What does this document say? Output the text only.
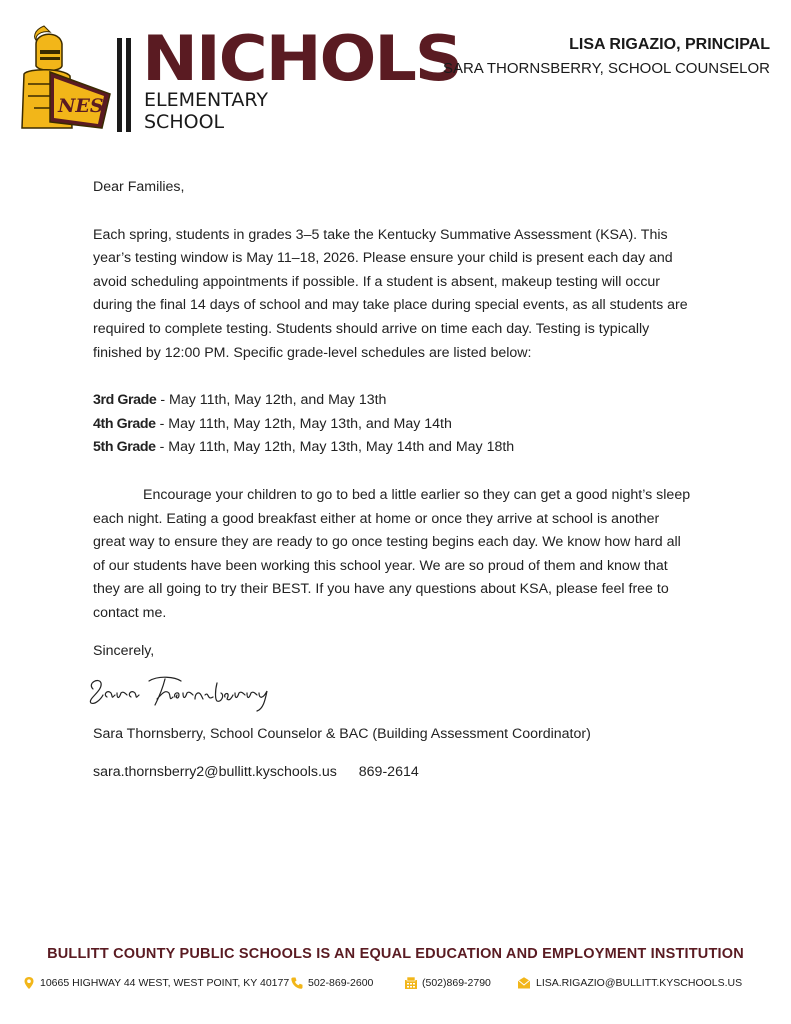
NES
NICHOLS
ELEMENTARY
SCHOOL
LISA RIGAZIO, PRINCIPAL
SARA THORNSBERRY, SCHOOL COUNSELOR

Dear Families,

Each spring, students in grades 3–5 take the Kentucky Summative Assessment (KSA). This year’s testing window is May 11–18, 2026. Please ensure your child is present each day and avoid scheduling appointments if possible. If a student is absent, makeup testing will occur during the final 14 days of school and may take place during special events, as all students are required to complete testing. Students should arrive on time each day. Testing is typically finished by 12:00 PM. Specific grade-level schedules are listed below:

3rd Grade - May 11th, May 12th, and May 13th
4th Grade - May 11th, May 12th, May 13th, and May 14th
5th Grade - May 11th, May 12th, May 13th, May 14th and May 18th

Encourage your children to go to bed a little earlier so they can get a good night’s sleep each night. Eating a good breakfast either at home or once they arrive at school is another great way to ensure they are ready to go once testing begins each day. We know how hard all of our students have been working this school year. We are so proud of them and know that they are all going to try their BEST. If you have any questions about KSA, please feel free to contact me.

Sincerely,

Sara Thornsberry, School Counselor & BAC (Building Assessment Coordinator)

sara.thornsberry2@bullitt.kyschools.us 869-2614

BULLITT COUNTY PUBLIC SCHOOLS IS AN EQUAL EDUCATION AND EMPLOYMENT INSTITUTION
10665 HIGHWAY 44 WEST, WEST POINT, KY 40177 502-869-2600	(502)869-2790	LISA.RIGAZIO@BULLITT.KYSCHOOLS.US
